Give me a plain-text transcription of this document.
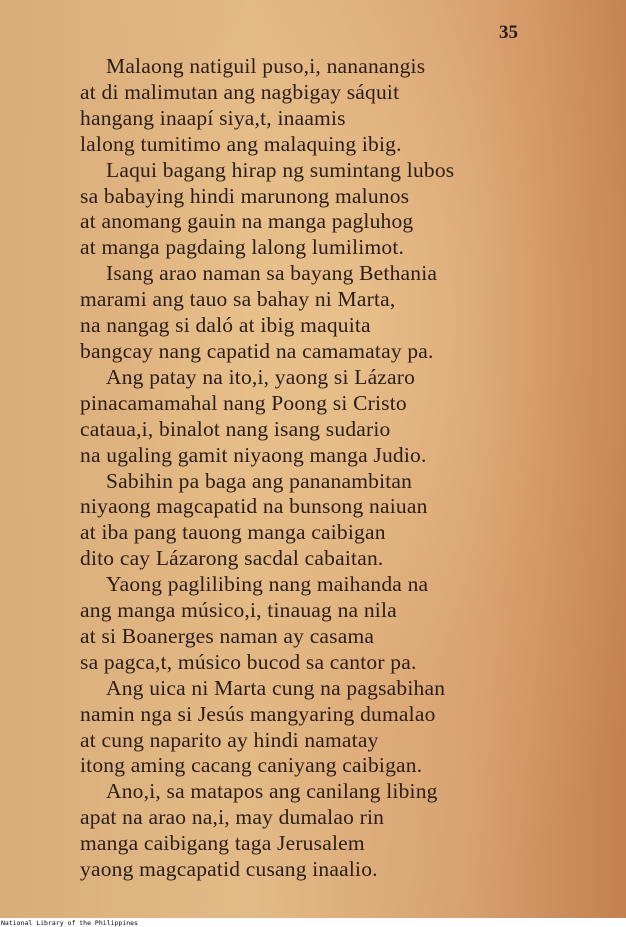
35
Malaong natiguil puso,i, nananangis
at di malimutan ang nagbigay sáquit
hangang inaapí siya,t, inaamis
lalong tumitimo ang malaquing ibig.
Laqui bagang hirap ng sumintang lubos
sa babaying hindi marunong malunos
at anomang gauin na manga pagluhog
at manga pagdaing lalong lumilimot.
Isang arao naman sa bayang Bethania
marami ang tauo sa bahay ni Marta,
na nangag si daló at ibig maquita
bangcay nang capatid na camamatay pa.
Ang patay na ito,i, yaong si Lázaro
pinacamamahal nang Poong si Cristo
cataua,i, binalot nang isang sudario
na ugaling gamit niyaong manga Judio.
Sabihin pa baga ang pananambitan
niyaong magcapatid na bunsong naiuan
at iba pang tauong manga caibigan
dito cay Lázarong sacdal cabaitan.
Yaong paglilibing nang maihanda na
ang manga músico,i, tinauag na nila
at si Boanerges naman ay casama
sa pagca,t, músico bucod sa cantor pa.
Ang uica ni Marta cung na pagsabihan
namin nga si Jesús mangyaring dumalao
at cung naparito ay hindi namatay
itong aming cacang caniyang caibigan.
Ano,i, sa matapos ang canilang libing
apat na arao na,i, may dumalao rin
manga caibigang taga Jerusalem
yaong magcapatid cusang inaalio.
National Library of the Philippines
